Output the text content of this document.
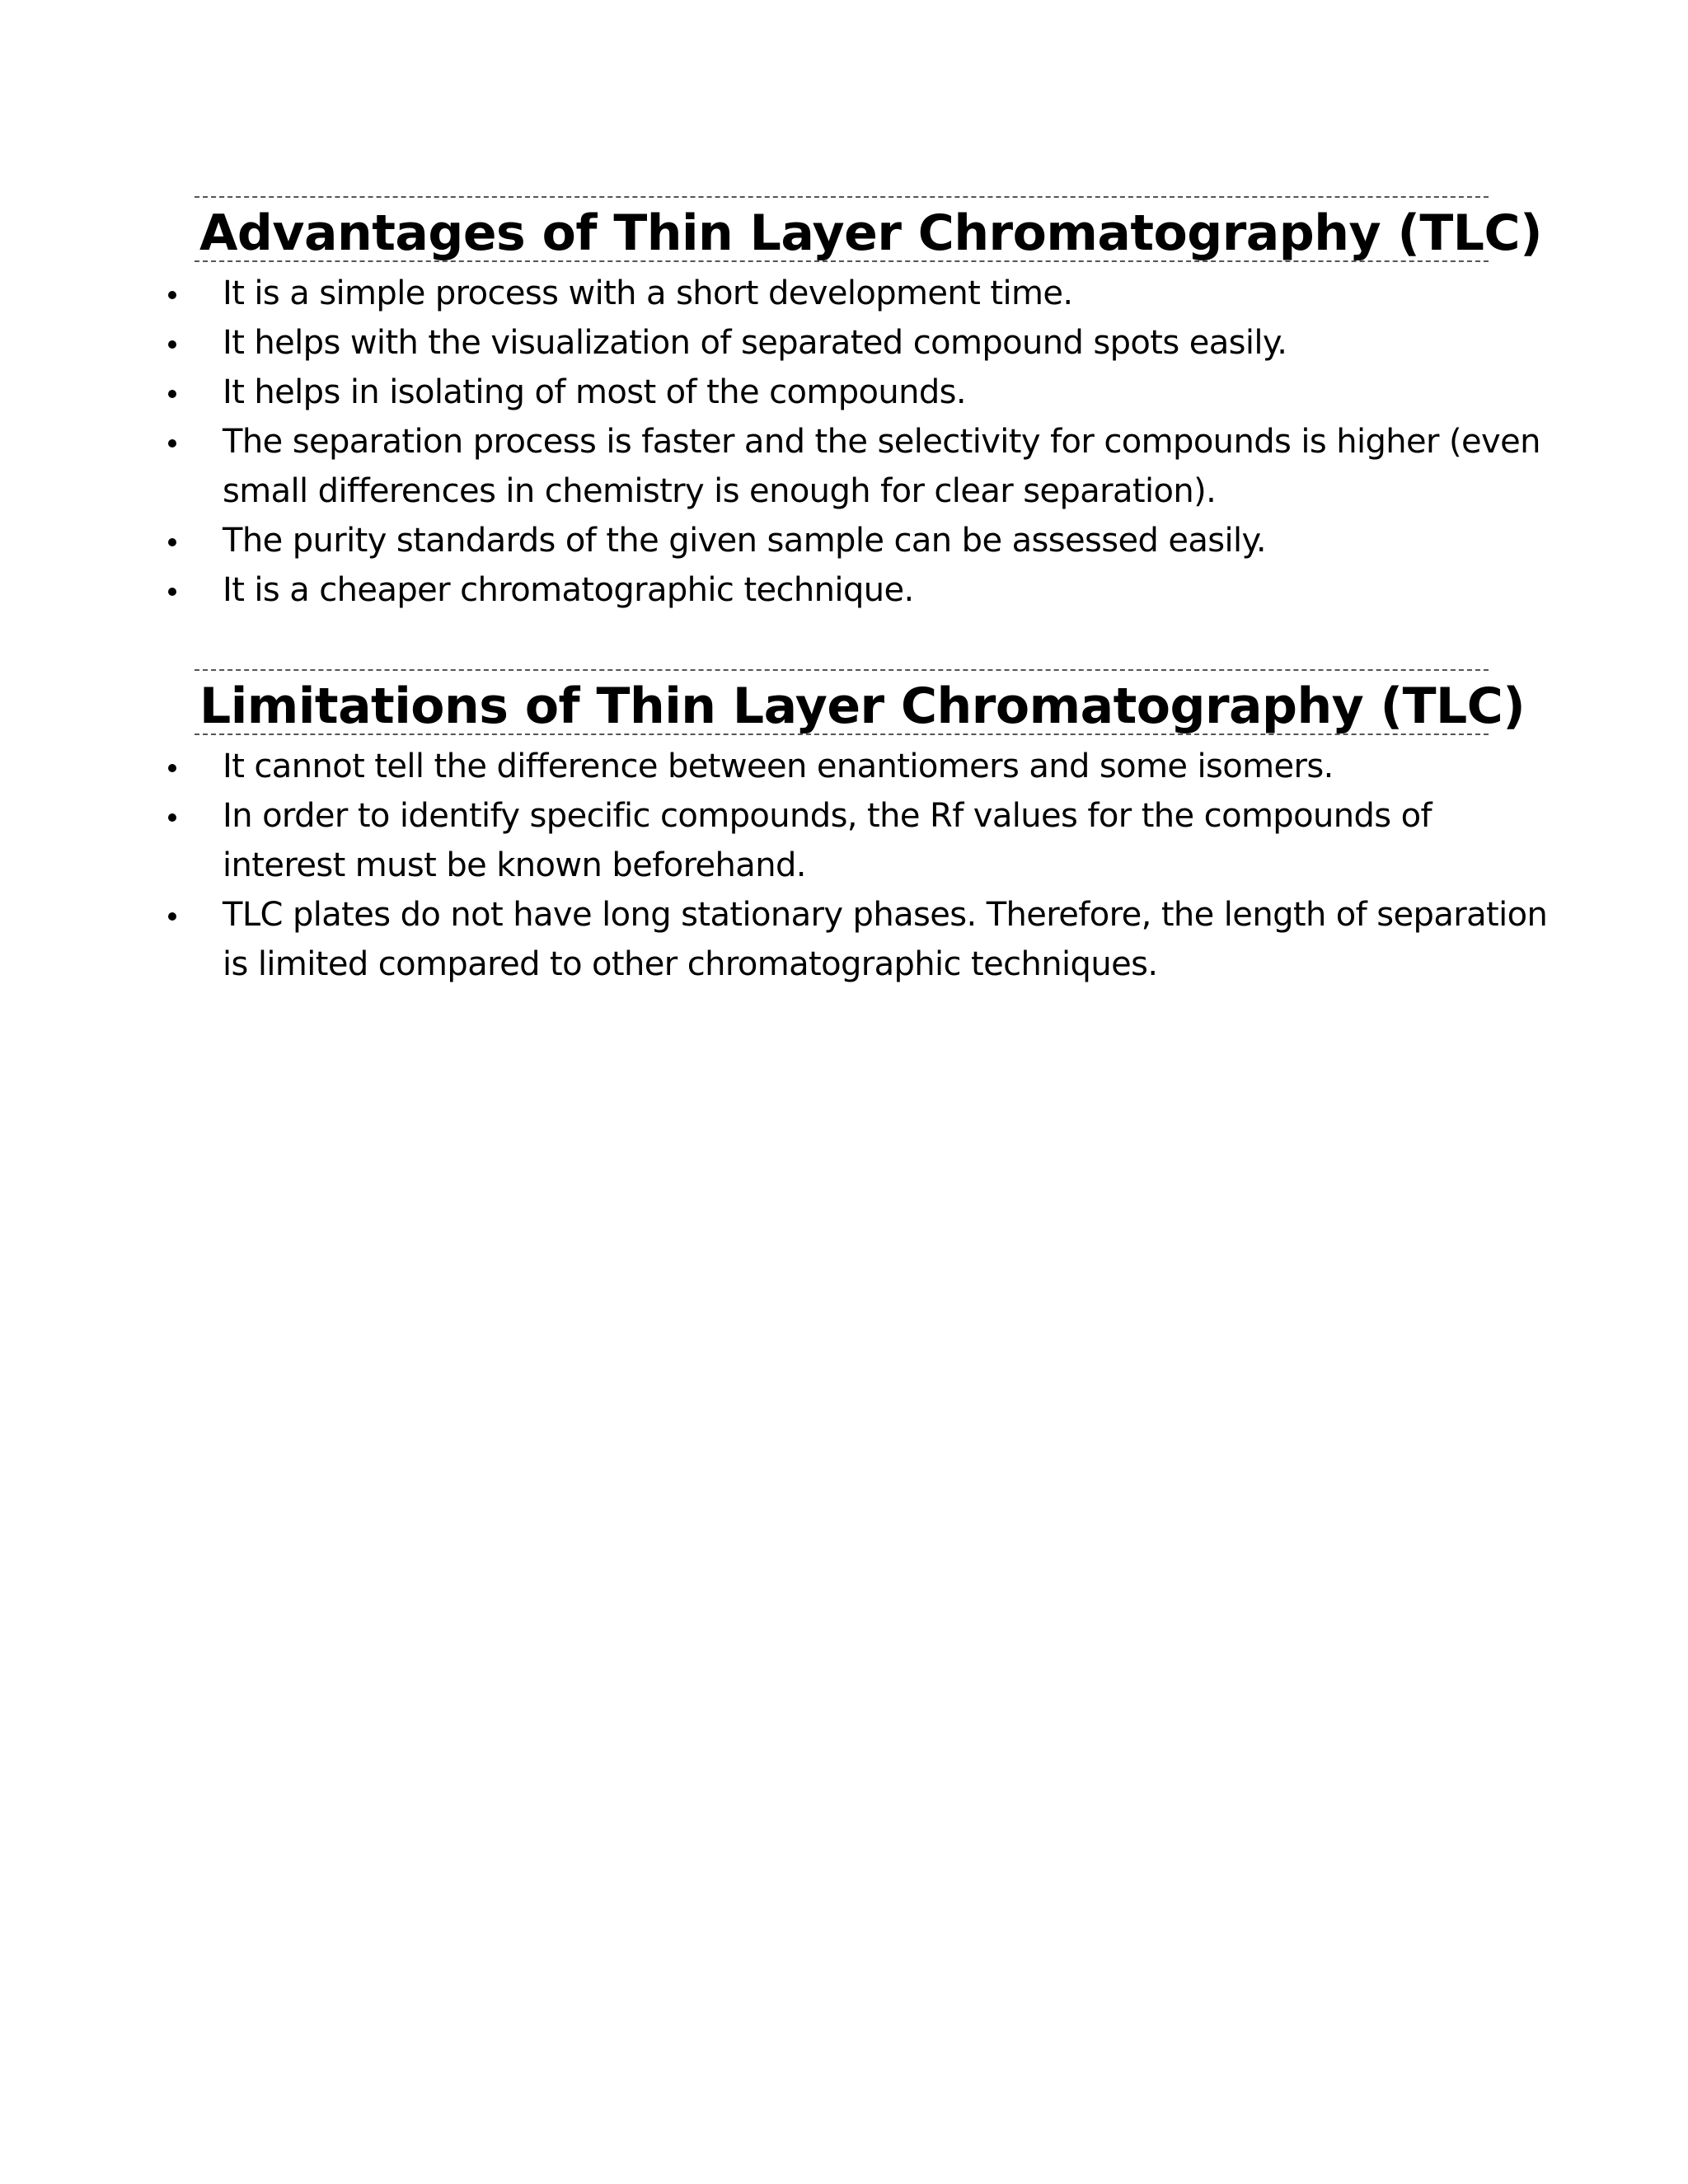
Advantages of Thin Layer Chromatography (TLC)
It is a simple process with a short development time.
It helps with the visualization of separated compound spots easily.
It helps in isolating of most of the compounds.
The separation process is faster and the selectivity for compounds is higher (even small differences in chemistry is enough for clear separation).
The purity standards of the given sample can be assessed easily.
It is a cheaper chromatographic technique.
Limitations of Thin Layer Chromatography (TLC)
It cannot tell the difference between enantiomers and some isomers.
In order to identify specific compounds, the Rf values for the compounds of interest must be known beforehand.
TLC plates do not have long stationary phases. Therefore, the length of separation is limited compared to other chromatographic techniques.
